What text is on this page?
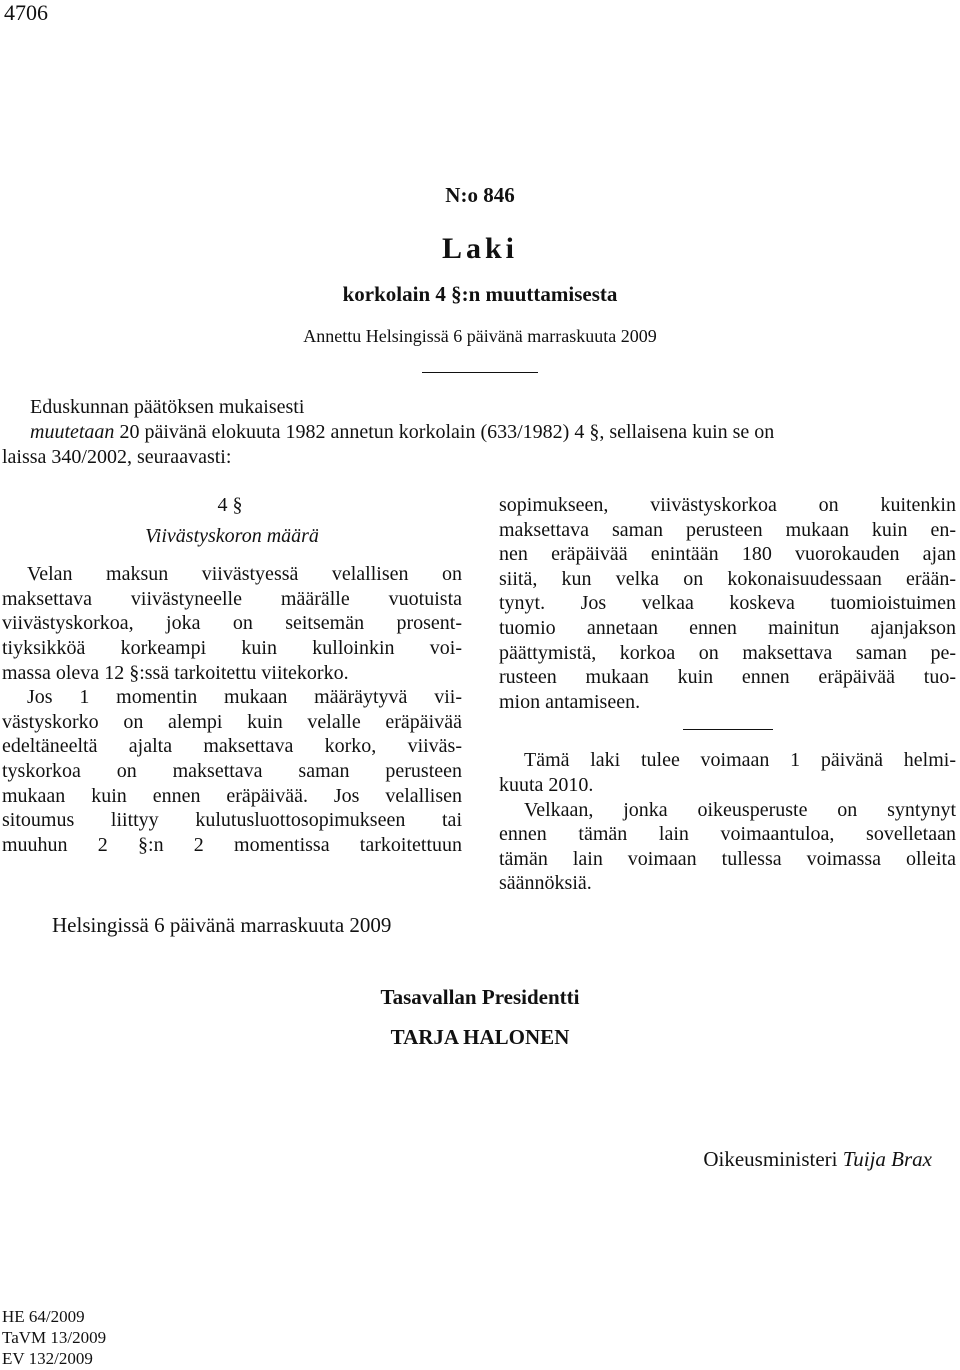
4706
N:o 846
Laki
korkolain 4 §:n muuttamisesta
Annettu Helsingissä 6 päivänä marraskuuta 2009

Eduskunnan päätöksen mukaisesti

muutetaan 20 päivänä elokuuta 1982 annetun korkolain (633/1982) 4 §, sellaisena kuin se on

laissa 340/2002, seuraavasti:

4 §
Viivästyskoron määrä
Velan maksun viivästyessä velallisen on
maksettava viivästyneelle määrälle vuotuista
viivästyskorkoa, joka on seitsemän prosent-
tiyksikköä korkeampi kuin kulloinkin voi-
massa oleva 12 §:ssä tarkoitettu viitekorko.
Jos 1 momentin mukaan määräytyvä vii-
västyskorko on alempi kuin velalle eräpäivää
edeltäneeltä ajalta maksettava korko, viiväs-
tyskorkoa on maksettava saman perusteen
mukaan kuin ennen eräpäivää. Jos velallisen
sitoumus liittyy kulutusluottosopimukseen tai
muuhun 2 §:n 2 momentissa tarkoitettuun
sopimukseen, viivästyskorkoa on kuitenkin
maksettava saman perusteen mukaan kuin en-
nen eräpäivää enintään 180 vuorokauden ajan
siitä, kun velka on kokonaisuudessaan erään-
tynyt. Jos velkaa koskeva tuomioistuimen
tuomio annetaan ennen mainitun ajanjakson
päättymistä, korkoa on maksettava saman pe-
rusteen mukaan kuin ennen eräpäivää tuo-
mion antamiseen.
Tämä laki tulee voimaan 1 päivänä helmi-
kuuta 2010.
Velkaan, jonka oikeusperuste on syntynyt
ennen tämän lain voimaantuloa, sovelletaan
tämän lain voimaan tullessa voimassa olleita
säännöksiä.
Helsingissä 6 päivänä marraskuuta 2009
Tasavallan Presidentti
TARJA HALONEN
Oikeusministeri Tuija Brax
HE 64/2009
TaVM 13/2009
EV 132/2009
